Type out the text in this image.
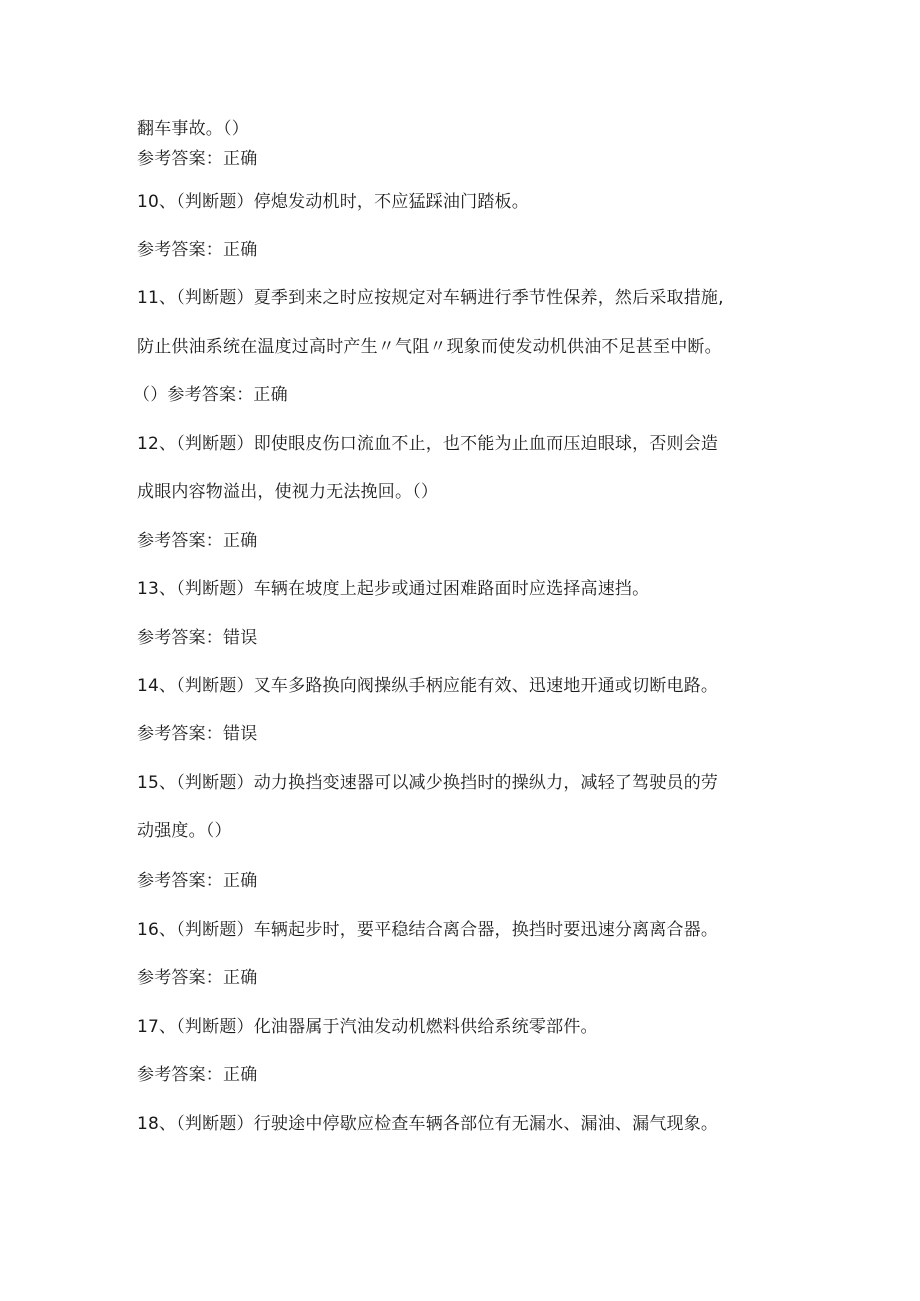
翻车事故。（）
参考答案：正确
10、（判断题）停熄发动机时，不应猛踩油门踏板。
参考答案：正确
11、（判断题）夏季到来之时应按规定对车辆进行季节性保养，然后采取措施,
防止供油系统在温度过高时产生〃气阻〃现象而使发动机供油不足甚至中断。
（）参考答案：正确
12、（判断题）即使眼皮伤口流血不止，也不能为止血而压迫眼球，否则会造
成眼内容物溢出，使视力无法挽回。（）
参考答案：正确
13、（判断题）车辆在坡度上起步或通过困难路面时应选择高速挡。
参考答案：错误
14、（判断题）叉车多路换向阀操纵手柄应能有效、迅速地开通或切断电路。
参考答案：错误
15、（判断题）动力换挡变速器可以减少换挡时的操纵力，减轻了驾驶员的劳
动强度。（）
参考答案：正确
16、（判断题）车辆起步时，要平稳结合离合器，换挡时要迅速分离离合器。
参考答案：正确
17、（判断题）化油器属于汽油发动机燃料供给系统零部件。
参考答案：正确
18、（判断题）行驶途中停歇应检查车辆各部位有无漏水、漏油、漏气现象。
